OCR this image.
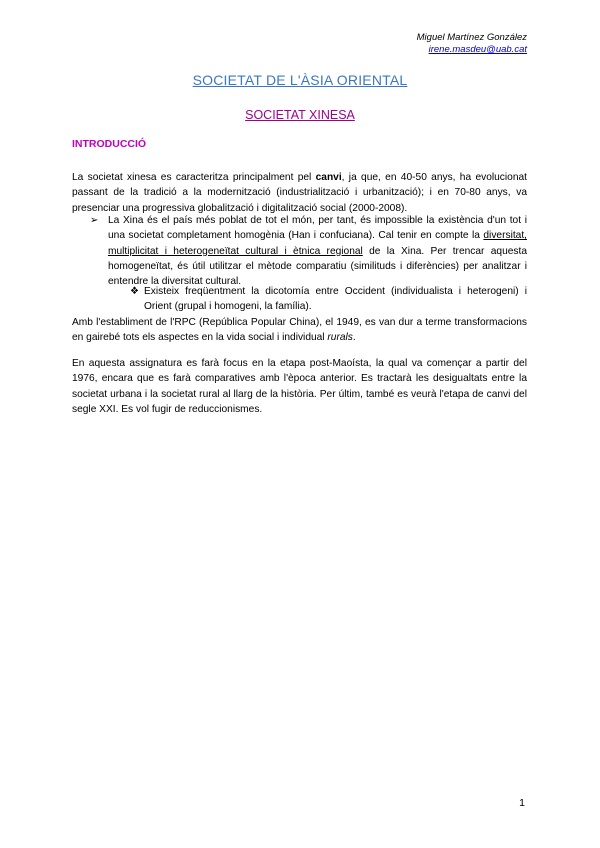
Miguel Martínez González
irene.masdeu@uab.cat
SOCIETAT DE L'ÀSIA ORIENTAL
SOCIETAT XINESA
INTRODUCCIÓ
La societat xinesa es caracteritza principalment pel canvi, ja que, en 40-50 anys, ha evolucionat passant de la tradició a la modernització (industrialització i urbanització); i en 70-80 anys, va presenciar una progressiva globalització i digitalització social (2000-2008).
➢ La Xina és el país més poblat de tot el món, per tant, és impossible la existència d'un tot i una societat completament homogènia (Han i confuciana). Cal tenir en compte la diversitat, multiplicitat i heterogeneïtat cultural i ètnica regional de la Xina. Per trencar aquesta homogeneïtat, és útil utilitzar el mètode comparatiu (similituds i diferències) per analitzar i entendre la diversitat cultural.
❖ Existeix freqüentment la dicotomía entre Occident (individualista i heterogeni) i Orient (grupal i homogeni, la família).
Amb l'establiment de l'RPC (República Popular China), el 1949, es van dur a terme transformacions en gairebé tots els aspectes en la vida social i individual rurals.
En aquesta assignatura es farà focus en la etapa post-Maoísta, la qual va començar a partir del 1976, encara que es farà comparatives amb l'època anterior. Es tractarà les desigualtats entre la societat urbana i la societat rural al llarg de la història. Per últim, també es veurà l'etapa de canvi del segle XXI. Es vol fugir de reduccionismes.
1
